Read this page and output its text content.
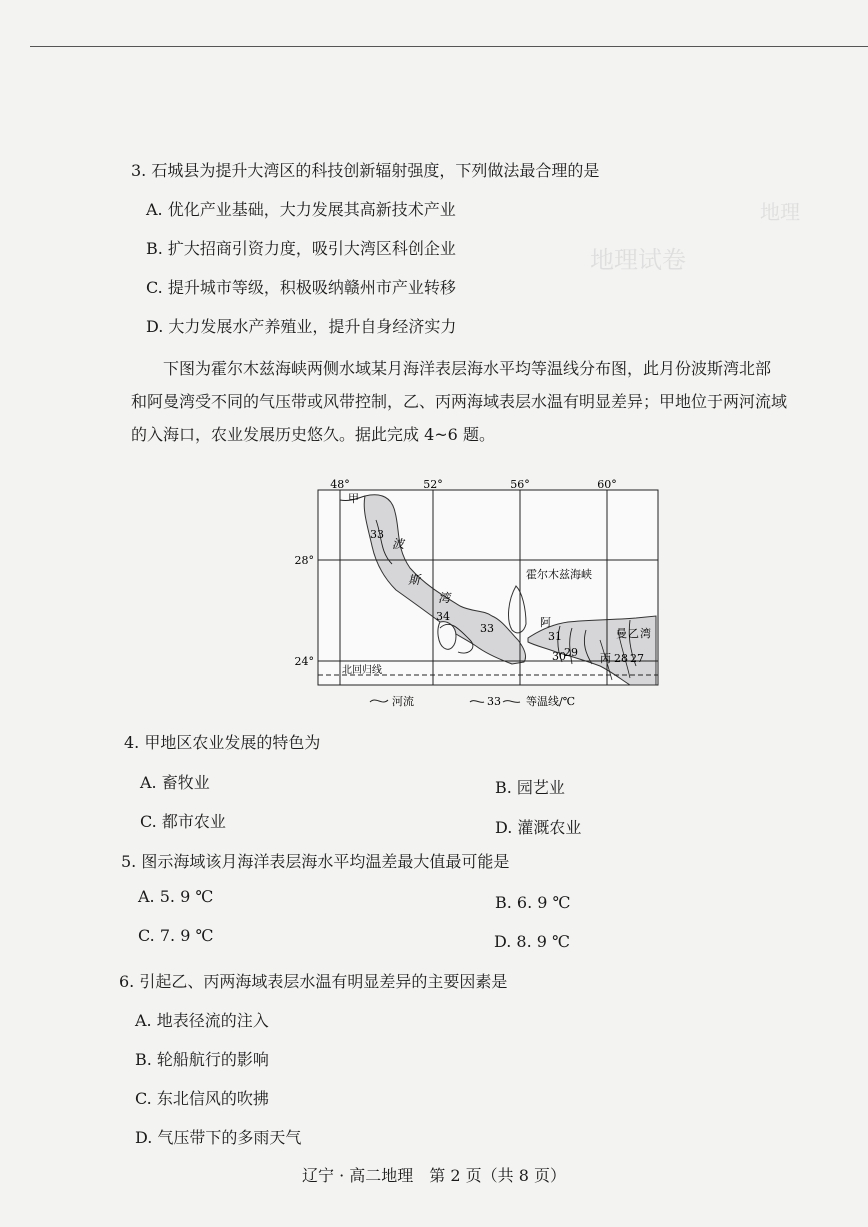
地理
地理试卷
3. 石城县为提升大湾区的科技创新辐射强度，下列做法最合理的是
A. 优化产业基础，大力发展其高新技术产业
B. 扩大招商引资力度，吸引大湾区科创企业
C. 提升城市等级，积极吸纳赣州市产业转移
D. 大力发展水产养殖业，提升自身经济实力

下图为霍尔木兹海峡两侧水域某月海洋表层海水平均等温线分布图，此月份波斯湾北部

和阿曼湾受不同的气压带或风带控制，乙、丙两海域表层水温有明显差异；甲地位于两河流域

的入海口，农业发展历史悠久。据此完成 4~6 题。

48°	52°	56°	60°
28°
24°
甲
波
斯
湾
霍尔木兹海峡
阿
曼 乙 湾
丙
北回归线
33
34
33
31
30
29	28 27
河流	33 等温线/℃
4. 甲地区农业发展的特色为
A. 畜牧业	B. 园艺业
C. 都市农业	D. 灌溉农业
5. 图示海域该月海洋表层海水平均温差最大值最可能是
A. 5. 9 ℃	B. 6. 9 ℃
C. 7. 9 ℃	D. 8. 9 ℃
6. 引起乙、丙两海域表层水温有明显差异的主要因素是
A. 地表径流的注入
B. 轮船航行的影响
C. 东北信风的吹拂
D. 气压带下的多雨天气
辽宁 · 高二地理　第 2 页（共 8 页）
